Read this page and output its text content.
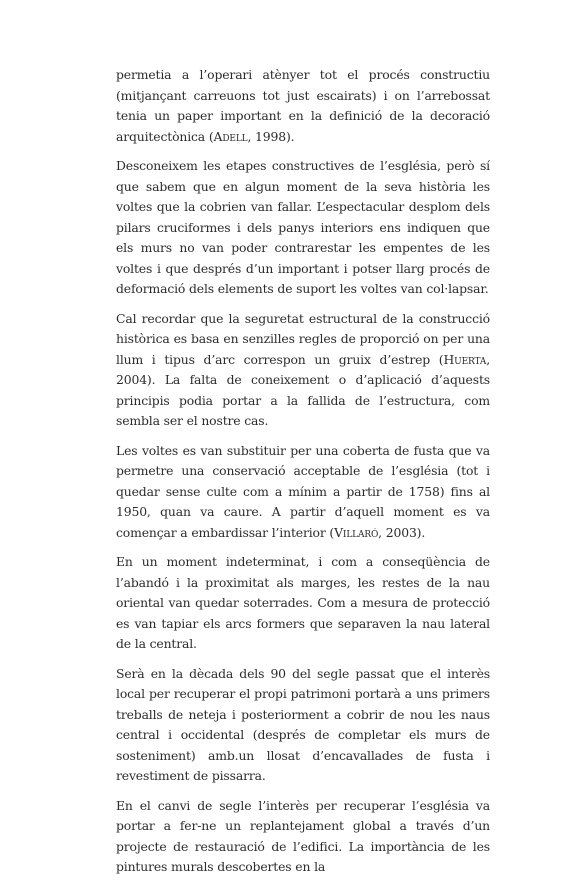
permetia a l’operari atènyer tot el procés constructiu (mitjançant carreuons tot just escairats) i on l’arrebossat tenia un paper important en la definició de la decoració arquitectònica (Adell, 1998).

Desconeixem les etapes constructives de l’església, però sí que sabem que en algun moment de la seva història les voltes que la cobrien van fallar. L’espectacular desplom dels pilars cruciformes i dels panys interiors ens indiquen que els murs no van poder contrarestar les empentes de les voltes i que després d’un important i potser llarg procés de deformació dels elements de suport les voltes van col·lapsar.

Cal recordar que la seguretat estructural de la construcció històrica es basa en senzilles regles de proporció on per una llum i tipus d’arc correspon un gruix d’estrep (Huerta, 2004). La falta de coneixement o d’aplicació d’aquests principis podia portar a la fallida de l’estructura, com sembla ser el nostre cas.

Les voltes es van substituir per una coberta de fusta que va permetre una conservació acceptable de l’església (tot i quedar sense culte com a mínim a partir de 1758) fins al 1950, quan va caure. A partir d’aquell moment es va començar a embardissar l’interior (Villaró, 2003).

En un moment indeterminat, i com a conseqüència de l’abandó i la proximitat als marges, les restes de la nau oriental van quedar soterrades. Com a mesura de protecció es van tapiar els arcs formers que separaven la nau lateral de la central.

Serà en la dècada dels 90 del segle passat que el interès local per recuperar el propi patrimoni portarà a uns primers treballs de neteja i posteriorment a cobrir de nou les naus central i occidental (després de completar els murs de sosteniment) amb.un llosat d’encavallades de fusta i revestiment de pissarra.

En el canvi de segle l’interès per recuperar l’església va portar a fer-ne un replantejament global a través d’un projecte de restauració de l’edifici. La importància de les pintures murals descobertes en la
